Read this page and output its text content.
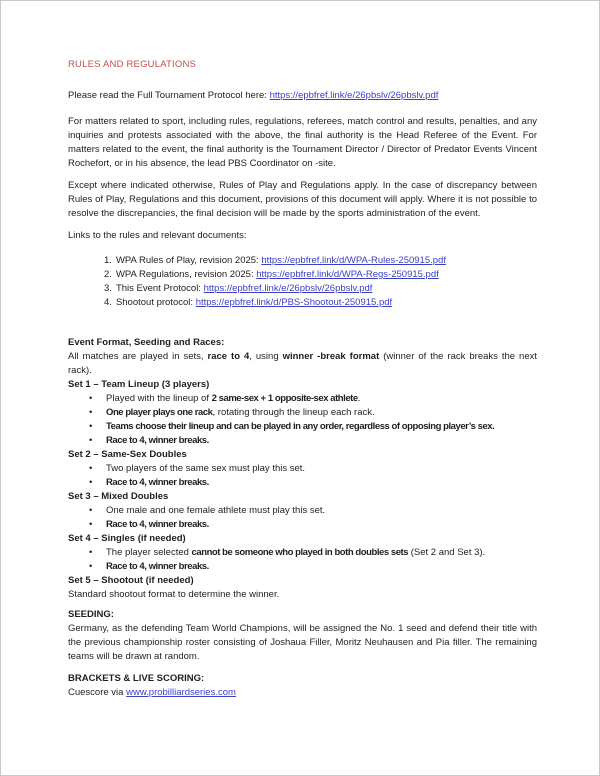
RULES AND REGULATIONS

Please read the Full Tournament Protocol here: https://epbfref.link/e/26pbslv/26pbslv.pdf

For matters related to sport, including rules, regulations, referees, match control and results, penalties, and any inquiries and protests associated with the above, the final authority is the Head Referee of the Event. For matters related to the event, the final authority is the Tournament Director / Director of Predator Events Vincent Rochefort, or in his absence, the lead PBS Coordinator on -site.

Except where indicated otherwise, Rules of Play and Regulations apply. In the case of discrepancy between Rules of Play, Regulations and this document, provisions of this document will apply. Where it is not possible to resolve the discrepancies, the final decision will be made by the sports administration of the event.

Links to the rules and relevant documents:

1. WPA Rules of Play, revision 2025: https://epbfref.link/d/WPA-Rules-250915.pdf
2. WPA Regulations, revision 2025: https://epbfref.link/d/WPA-Regs-250915.pdf
3. This Event Protocol: https://epbfref.link/e/26pbslv/26pbslv.pdf
4. Shootout protocol: https://epbfref.link/d/PBS-Shootout-250915.pdf
Event Format, Seeding and Races:
All matches are played in sets, race to 4, using winner -break format (winner of the rack breaks the next rack).
Set 1 – Team Lineup (3 players)
•	Played with the lineup of 2 same-sex + 1 opposite-sex athlete.
•	One player plays one rack, rotating through the lineup each rack.
•	Teams choose their lineup and can be played in any order, regardless of opposing player’s sex.
•	Race to 4, winner breaks.
Set 2 – Same-Sex Doubles
•	Two players of the same sex must play this set.
•	Race to 4, winner breaks.
Set 3 – Mixed Doubles
•	One male and one female athlete must play this set.
•	Race to 4, winner breaks.
Set 4 – Singles (if needed)
•	The player selected cannot be someone who played in both doubles sets (Set 2 and Set 3).
•	Race to 4, winner breaks.
Set 5 – Shootout (if needed)
Standard shootout format to determine the winner.
SEEDING:
Germany, as the defending Team World Champions, will be assigned the No. 1 seed and defend their title with the previous championship roster consisting of Joshaua Filler, Moritz Neuhausen and Pia filler. The remaining teams will be drawn at random.
BRACKETS & LIVE SCORING:
Cuescore via www.probilliardseries.com
